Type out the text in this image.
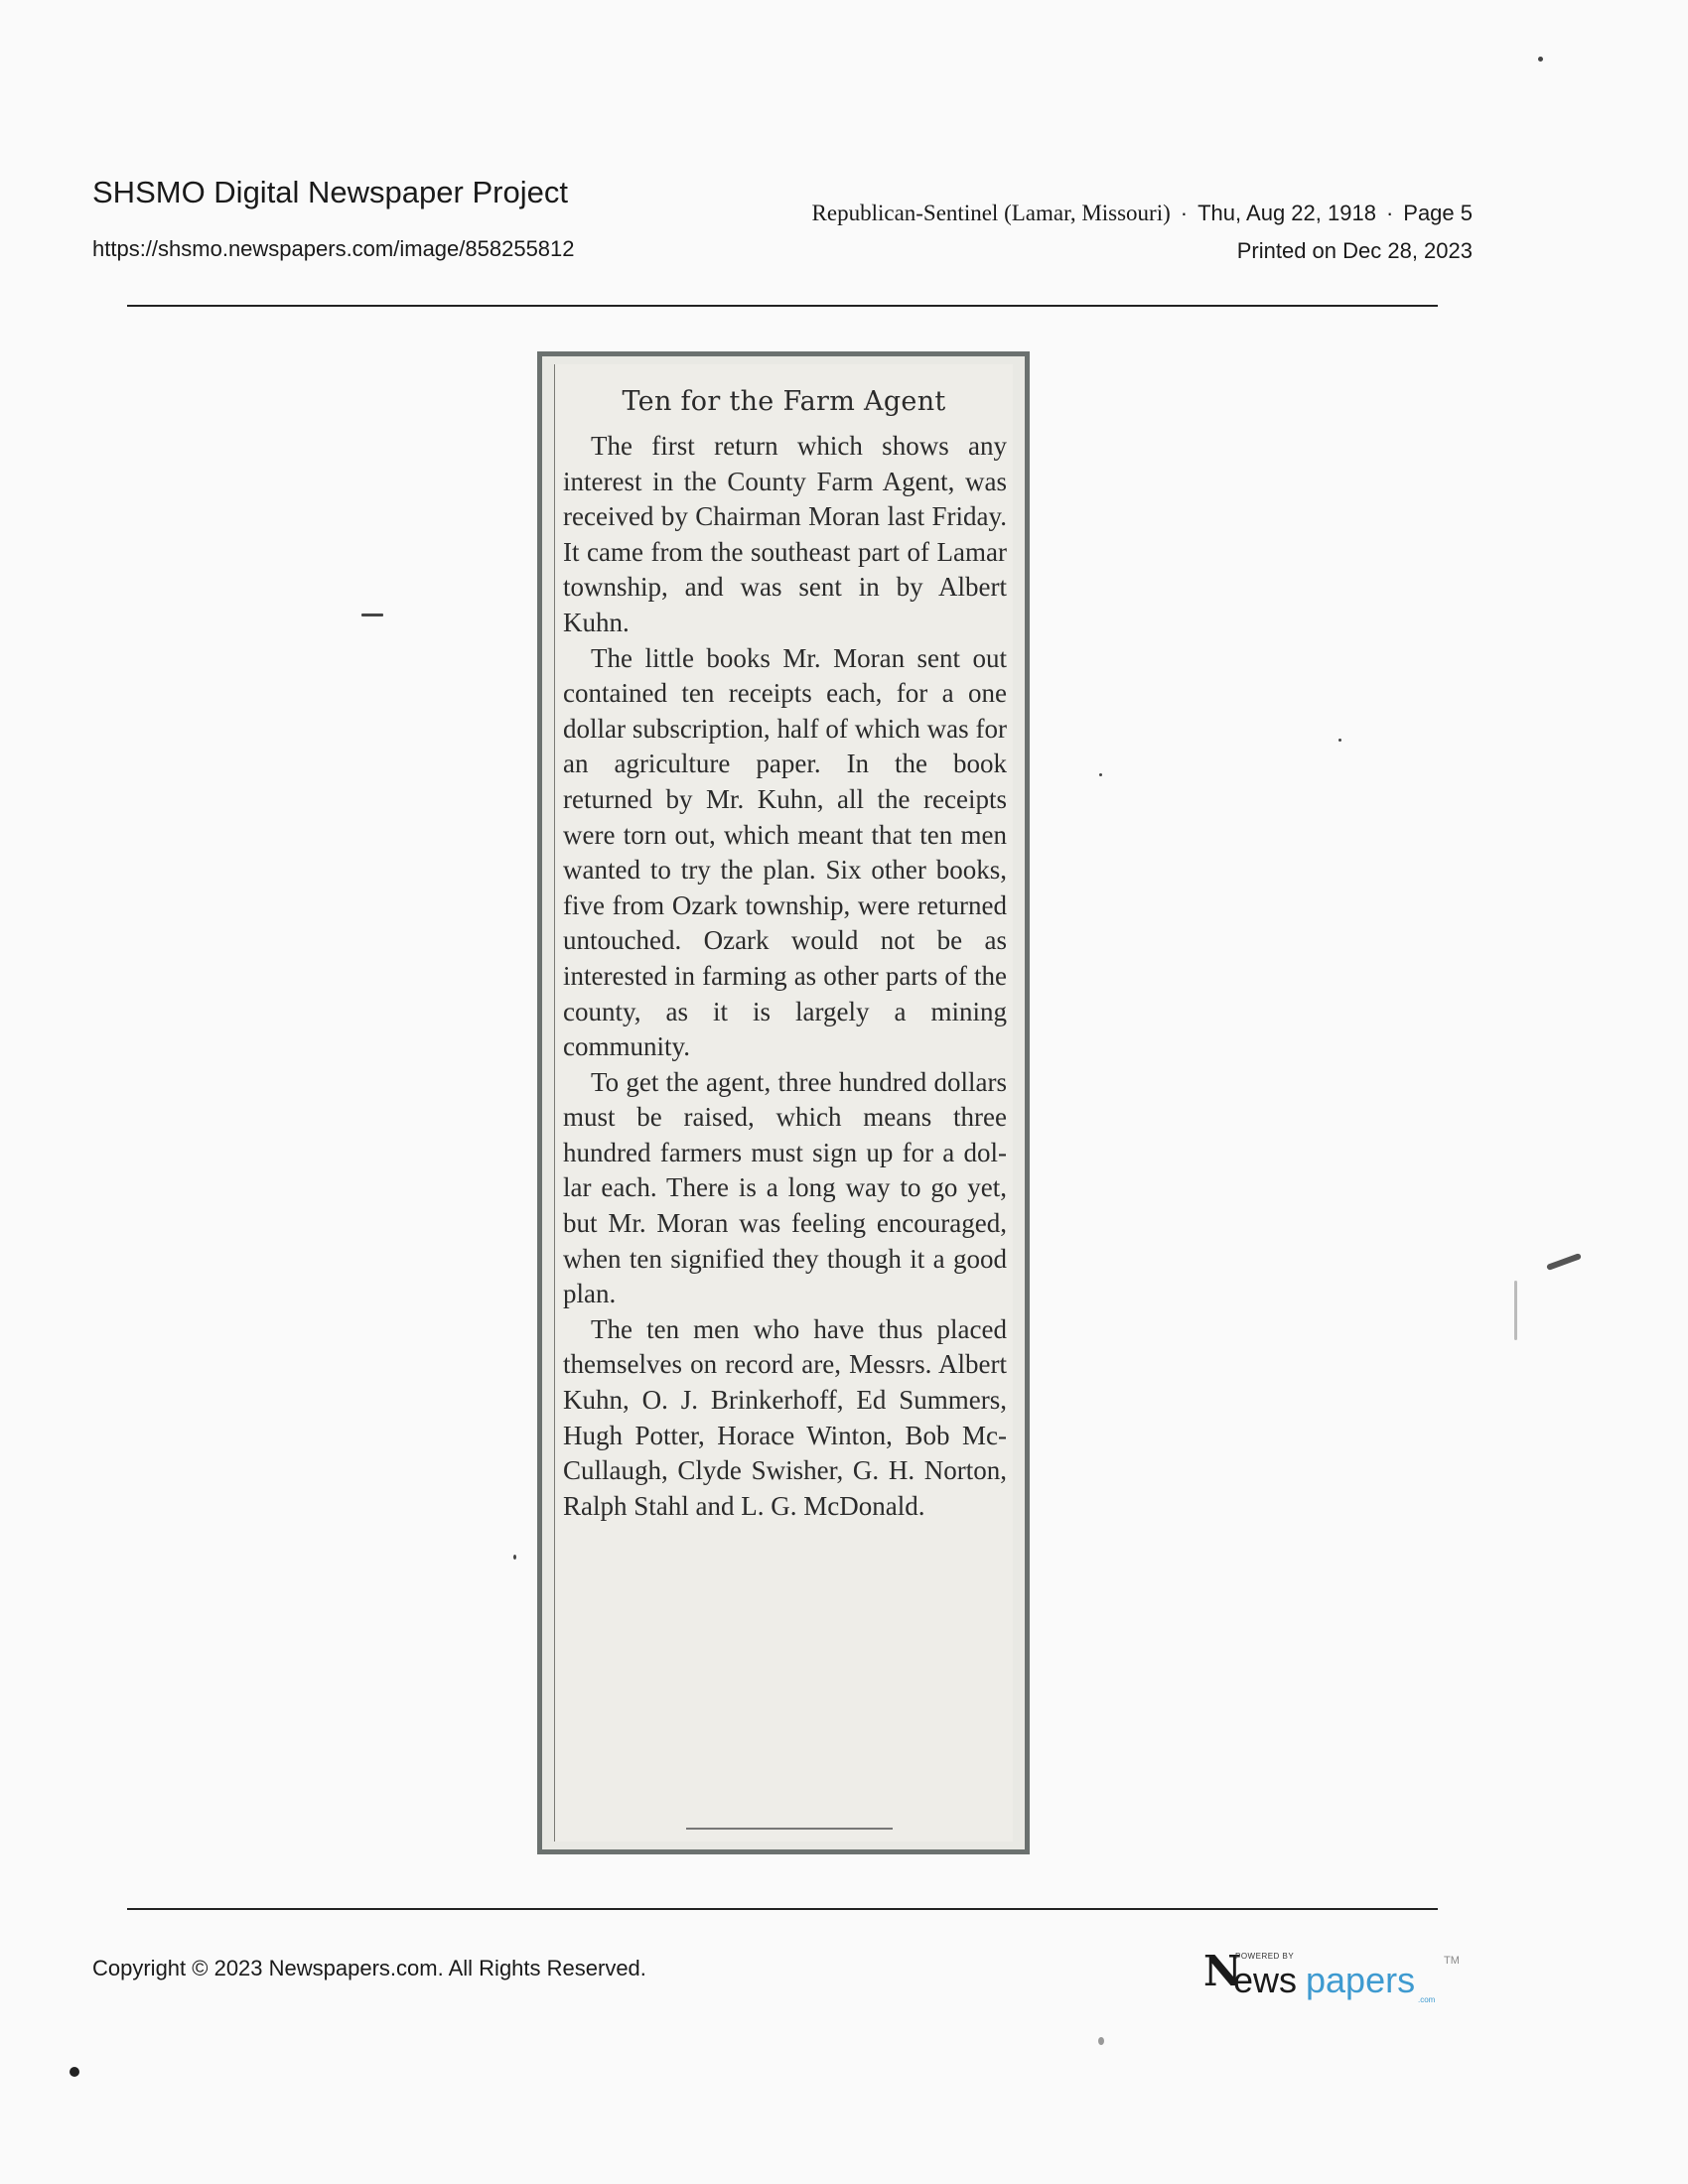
SHSMO Digital Newspaper Project
https://shsmo.newspapers.com/image/858255812
Republican-Sentinel (Lamar, Missouri) · Thu, Aug 22, 1918 · Page 5
Printed on Dec 28, 2023
Ten for the Farm Agent

The first return which shows any interest in the County Farm Agent, was received by Chairman Moran last Friday. It came from the southeast part of Lamar township, and was sent in by Albert Kuhn.

The little books Mr. Moran sent out contained ten receipts each, for a one dollar subscription, half of which was for an agriculture paper. In the book returned by Mr. Kuhn, all the receipts were torn out, which meant that ten men wanted to try the plan. Six other books, five from Ozark township, were returned untouched. Ozark would not be as interested in farming as other parts of the county, as it is largely a mining community.

To get the agent, three hundred dollars must be raised, which means three hundred farmers must sign up for a dollar each. There is a long way to go yet, but Mr. Moran was feeling encouraged, when ten signified they though it a good plan.

The ten men who have thus placed themselves on record are, Messrs. Albert Kuhn, O. J. Brinkerhoff, Ed Summers, Hugh Potter, Horace Winton, Bob McCullaugh, Clyde Swisher, G. H. Norton, Ralph Stahl and L. G. McDonald.

Copyright © 2023 Newspapers.com. All Rights Reserved.	N
POWERED BY
ews papers	TM
.com
